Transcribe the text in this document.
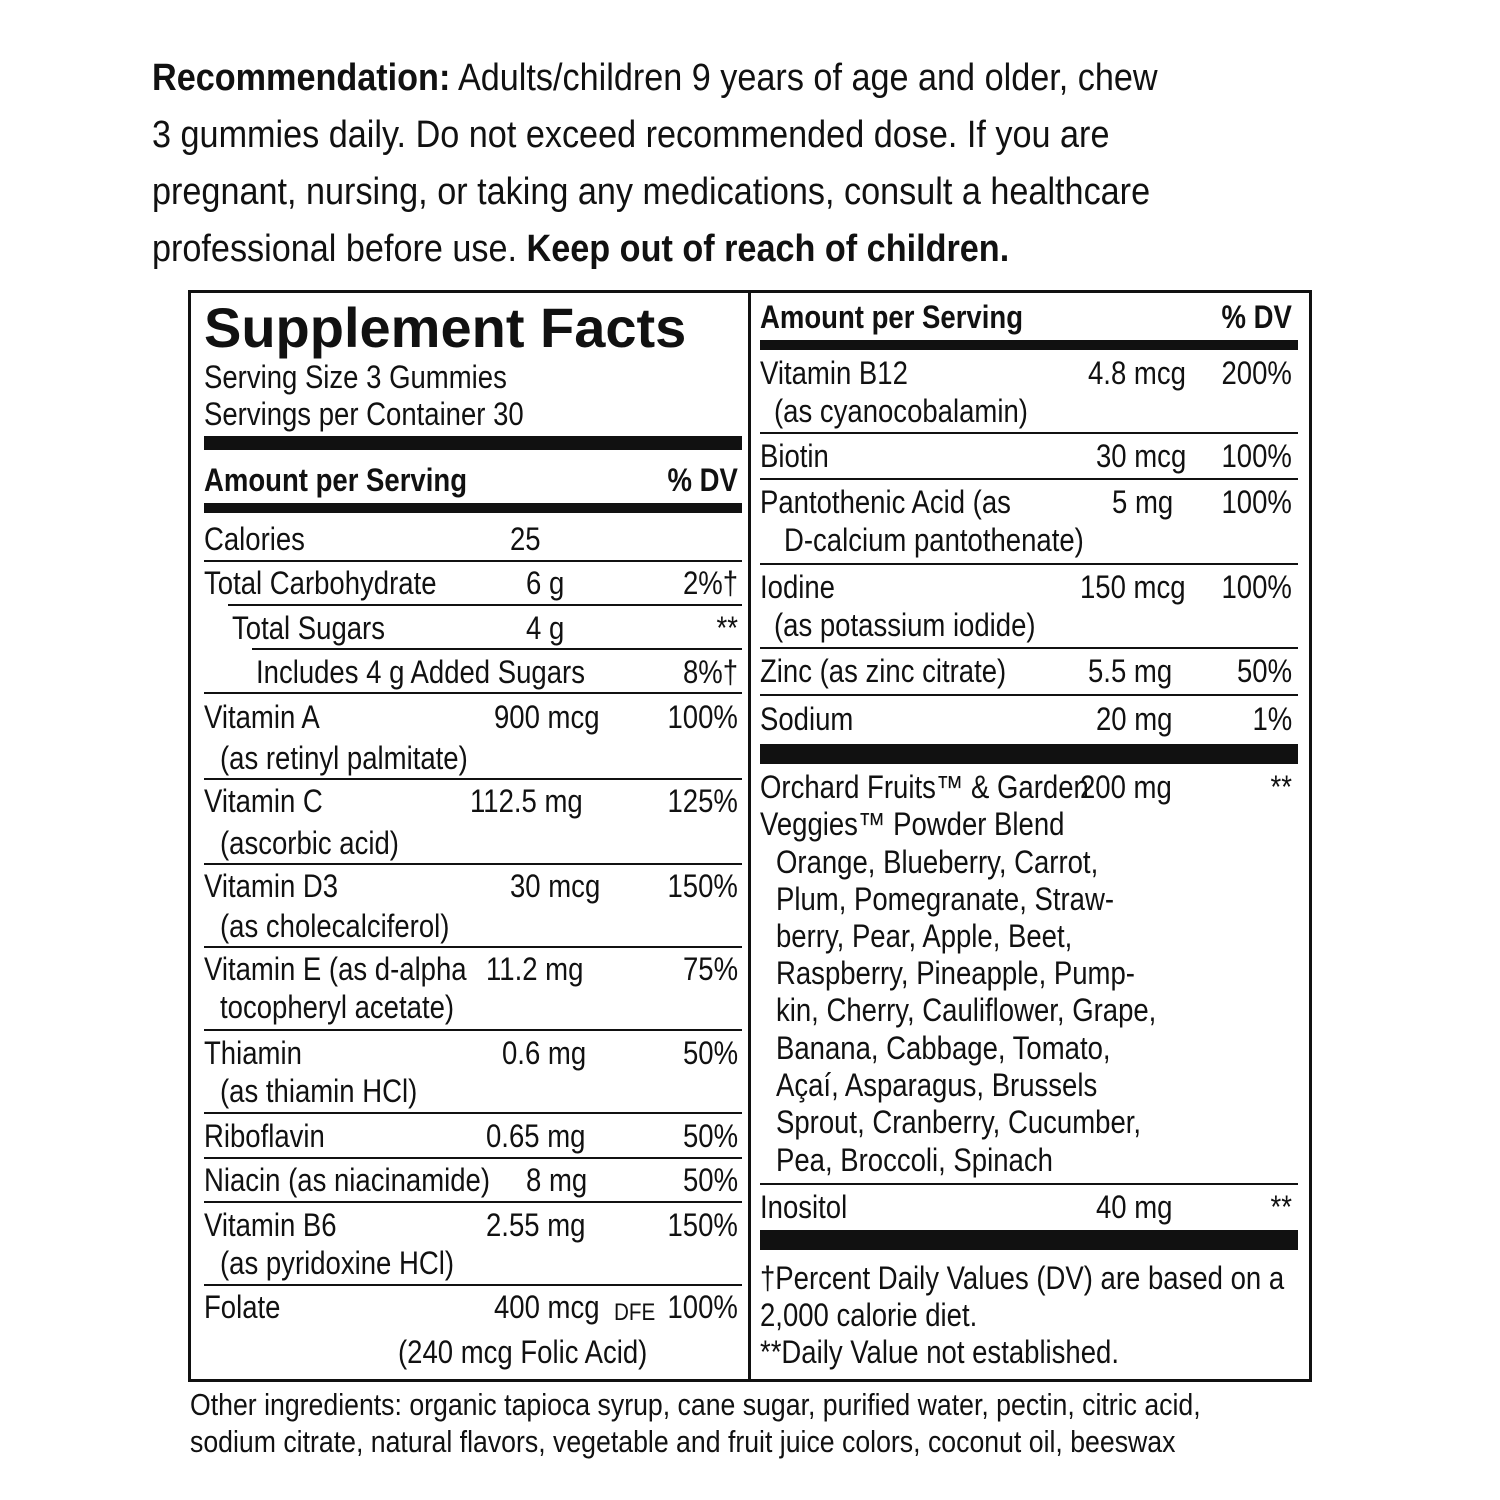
Recommendation: Adults/children 9 years of age and older, chew
3 gummies daily. Do not exceed recommended dose. If you are
pregnant, nursing, or taking any medications, consult a healthcare
professional before use. Keep out of reach of children.
Supplement Facts
Serving Size 3 Gummies
Servings per Container 30
Amount per Serving	% DV
Calories	25
Total Carbohydrate	6 g	2%†
Total Sugars	4 g	**
Includes 4 g Added Sugars	8%†
Vitamin A
(as retinyl palmitate)
900 mcg	100%
Vitamin C
(ascorbic acid)
112.5 mg	125%
Vitamin D3
(as cholecalciferol)
30 mcg	150%
Vitamin E (as d-alpha
tocopheryl acetate)
11.2 mg	75%
Thiamin
(as thiamin HCl)
0.6 mg	50%
Riboflavin	0.65 mg	50%
Niacin (as niacinamide)	8 mg	50%
Vitamin B6
(as pyridoxine HCl)
2.55 mg	150%
Folate
(240 mcg Folic Acid)
400 mcg DFE 100%
Amount per Serving	% DV
Vitamin B12
(as cyanocobalamin)
4.8 mcg	200%
Biotin	30 mcg	100%
Pantothenic Acid (as
D-calcium pantothenate)
5 mg	100%
Iodine
(as potassium iodide)
150 mcg	100%
Zinc (as zinc citrate)	5.5 mg	50%
Sodium	20 mg	1%
Orchard Fruits™ & Garden
Veggies™ Powder Blend
200 mg	**
Orange, Blueberry, Carrot,
Plum, Pomegranate, Straw-
berry, Pear, Apple, Beet,
Raspberry, Pineapple, Pump-
kin, Cherry, Cauliflower, Grape,
Banana, Cabbage, Tomato,
Açaí, Asparagus, Brussels
Sprout, Cranberry, Cucumber,
Pea, Broccoli, Spinach
Inositol	40 mg	**
†Percent Daily Values (DV) are based on a
2,000 calorie diet.
**Daily Value not established.
Other ingredients: organic tapioca syrup, cane sugar, purified water, pectin, citric acid,
sodium citrate, natural flavors, vegetable and fruit juice colors, coconut oil, beeswax
